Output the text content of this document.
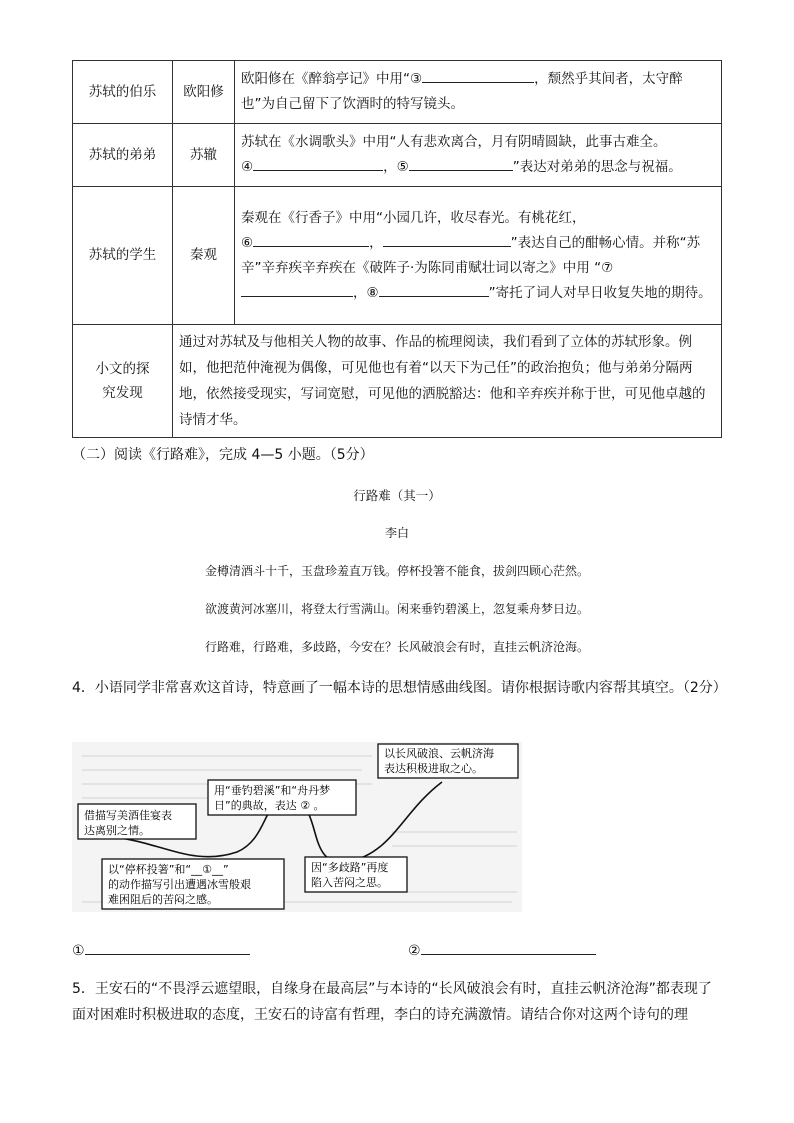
苏轼的伯乐	欧阳修	欧阳修在《醉翁亭记》中用“③ ，颓然乎其间者，太守醉也”为自己留下了饮酒时的特写镜头。
苏轼的弟弟	苏辙	苏轼在《水调歌头》中用“人有悲欢离合，月有阴晴圆缺，此事古难全。
④ ，⑤ ”表达对弟弟的思念与祝福。
苏轼的学生	秦观	秦观在《行香子》中用“小园几许，收尽春光。有桃花红，
⑥ ， ”表达自己的酣畅心情。并称“苏辛”辛弃疾辛弃疾在《破阵子·为陈同甫赋壮词以寄之》中用 “⑦，⑧ ”寄托了词人对早日收复失地的期待。
小文的探究发现	通过对苏轼及与他相关人物的故事、作品的梳理阅读，我们看到了立体的苏轼形象。例如，他把范仲淹视为偶像，可见他也有着“以天下为己任”的政治抱负；他与弟弟分隔两地，依然接受现实，写词宽慰，可见他的洒脱豁达：他和辛弃疾并称于世，可见他卓越的诗情才华。	
（二）阅读《行路难》，完成 4—5 小题。（5分）
行路难（其一）
李白
金樽清酒斗十千，玉盘珍羞直万钱。停杯投箸不能食，拔剑四顾心茫然。
欲渡黄河冰塞川，将登太行雪满山。闲来垂钓碧溪上，忽复乘舟梦日边。
行路难，行路难，多歧路，今安在？长风破浪会有时，直挂云帆济沧海。
4．小语同学非常喜欢这首诗，特意画了一幅本诗的思想情感曲线图。请你根据诗歌内容帮其填空。（2分）
借描写美酒佳宴表
达离别之情。
以“停杯投箸”和“__①__”
的动作描写引出遭遇冰雪般艰
难困阻后的苦闷之感。
用“垂钓碧溪”和“舟丹梦
日”的典故，表达 ② 。
因“多歧路”再度
陷入苦闷之思。
以长风破浪、云帆济海
表达积极进取之心。
①	②
5．王安石的“不畏浮云遮望眼，自缘身在最高层”与本诗的“长风破浪会有时，直挂云帆济沧海”都表现了面对困难时积极进取的态度，王安石的诗富有哲理，李白的诗充满激情。请结合你对这两个诗句的理
